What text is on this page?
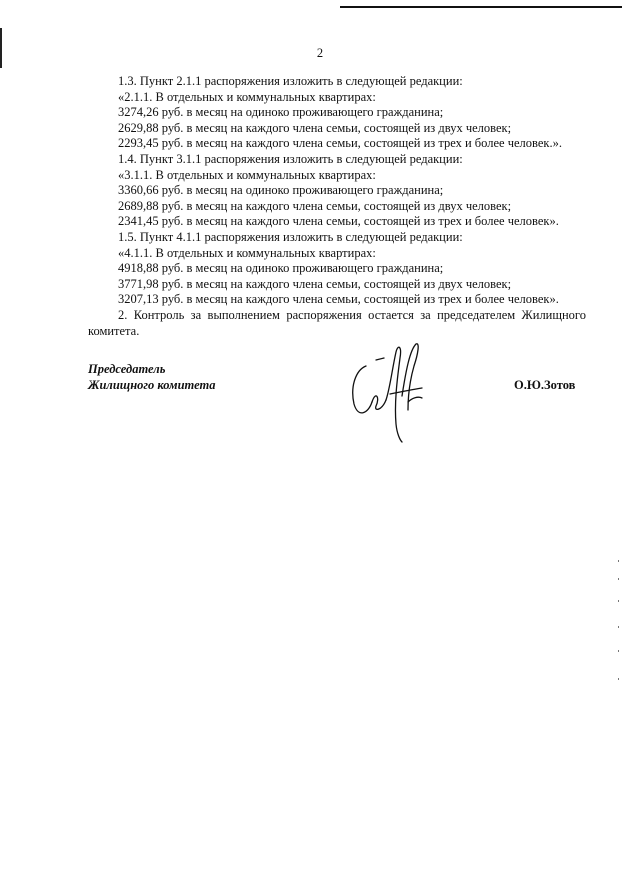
2
1.3. Пункт 2.1.1 распоряжения изложить в следующей редакции:
«2.1.1. В отдельных и коммунальных квартирах:
3274,26 руб. в месяц на одиноко проживающего гражданина;
2629,88 руб. в месяц на каждого члена семьи, состоящей из двух человек;
2293,45 руб. в месяц на каждого члена семьи, состоящей из трех и более человек.».
1.4. Пункт 3.1.1 распоряжения изложить в следующей редакции:
«3.1.1. В отдельных и коммунальных квартирах:
3360,66 руб. в месяц на одиноко проживающего гражданина;
2689,88 руб. в месяц на каждого члена семьи, состоящей из двух человек;
2341,45 руб. в месяц на каждого члена семьи, состоящей из трех и более человек».
1.5. Пункт 4.1.1 распоряжения изложить в следующей редакции:
«4.1.1. В отдельных и коммунальных квартирах:
4918,88 руб. в месяц на одиноко проживающего гражданина;
3771,98 руб. в месяц на каждого члена семьи, состоящей из двух человек;
3207,13 руб. в месяц на каждого члена семьи, состоящей из трех и более человек».
2. Контроль за выполнением распоряжения остается за председателем Жилищного
комитета.
Председатель
Жилищного комитета	О.Ю.Зотов
